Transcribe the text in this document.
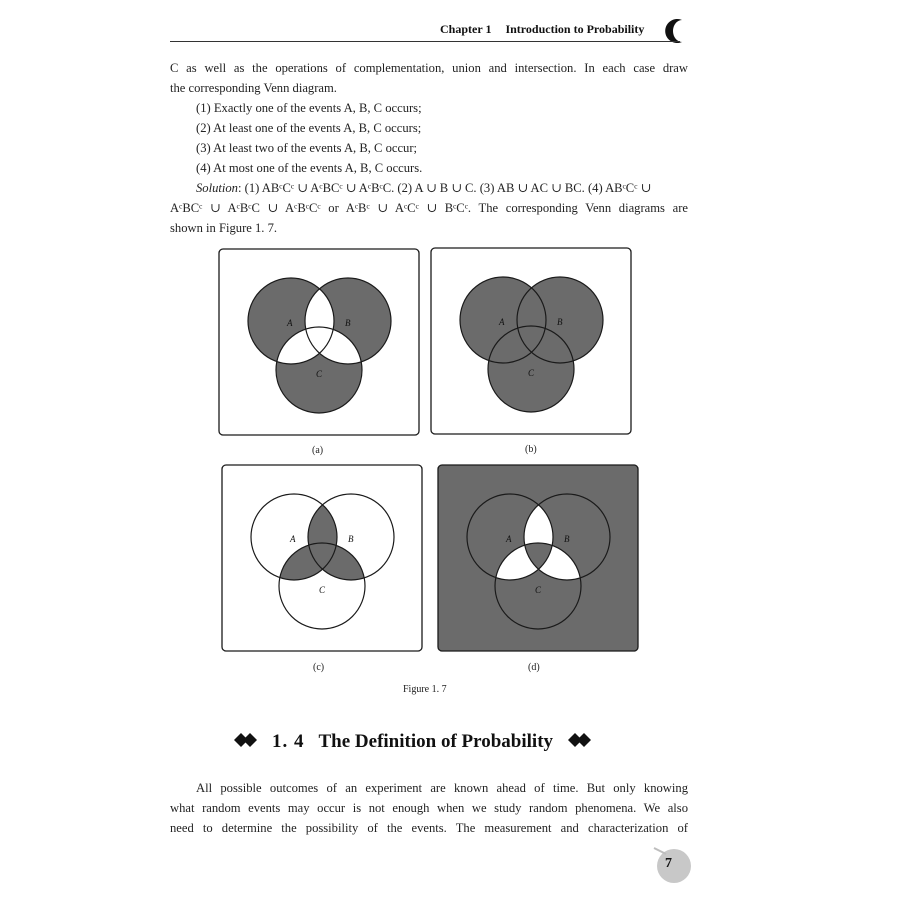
Chapter 1 Introduction to Probability
C as well as the operations of complementation, union and intersection. In each case draw
the corresponding Venn diagram.
(1) Exactly one of the events A, B, C occurs;
(2) At least one of the events A, B, C occurs;
(3) At least two of the events A, B, C occur;
(4) At most one of the events A, B, C occurs.
Solution: (1) ABᶜCᶜ ∪ AᶜBCᶜ ∪ AᶜBᶜC. (2) A ∪ B ∪ C. (3) AB ∪ AC ∪ BC. (4) ABᶜCᶜ ∪
AᶜBCᶜ ∪ AᶜBᶜC ∪ AᶜBᶜCᶜ or AᶜBᶜ ∪ AᶜCᶜ ∪ BᶜCᶜ. The corresponding Venn diagrams are
shown in Figure 1. 7.
A	B
C
A	B
C
A	B
C
A	B
C
(a)	(b)
(c)	(d)
Figure 1. 7
1. 4 The Definition of Probability
All possible outcomes of an experiment are known ahead of time. But only knowing
what random events may occur is not enough when we study random phenomena. We also
need to determine the possibility of the events. The measurement and characterization of
7
